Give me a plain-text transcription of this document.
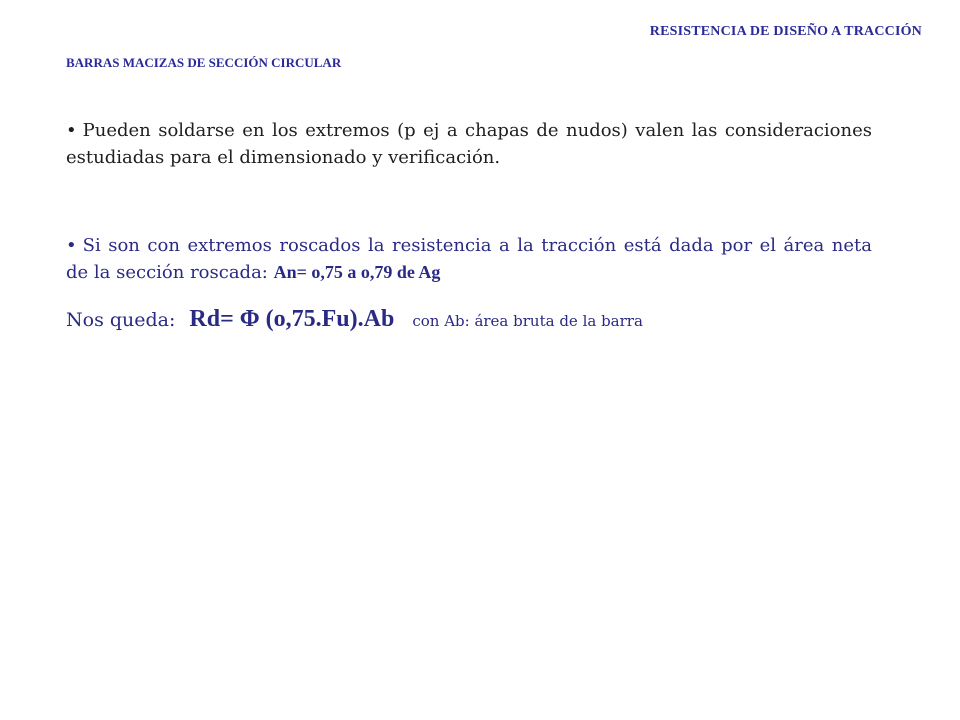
RESISTENCIA DE DISEÑO A TRACCIÓN
BARRAS MACIZAS DE SECCIÓN CIRCULAR
• Pueden soldarse en los extremos (p ej a chapas de nudos) valen las consideraciones estudiadas para el dimensionado y verificación.
• Si son con extremos roscados la resistencia a la tracción está dada por el área neta de la sección roscada: An= o,75 a o,79 de Ag
Nos queda: Rd= Φ (o,75.Fu).Ab con Ab: área bruta de la barra
